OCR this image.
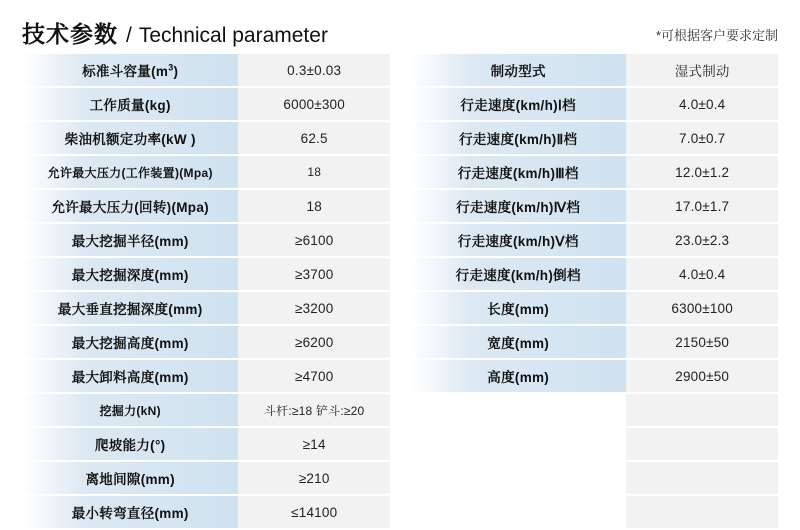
技术参数 / Technical parameter	*可根据客户要求定制
标准斗容量$(m^3)$	0.3±0.03
工作质量(kg)	6000±300
柴油机额定功率(kW )	62.5
允许最大压力(工作装置)(Mpa)	18
允许最大压力(回转)(Mpa)	18
最大挖掘半径(mm)	≥6100
最大挖掘深度(mm)	≥3700
最大垂直挖掘深度(mm)	≥3200
最大挖掘高度(mm)	≥6200
最大卸料高度(mm)	≥4700
挖掘力(kN)	斗杆:≥18 铲斗:≥20
爬坡能力(°)	≥14
离地间隙(mm)	≥210
最小转弯直径(mm)	≤14100
制动型式	湿式制动
行走速度(km/h)Ⅰ档	4.0±0.4
行走速度(km/h)Ⅱ档	7.0±0.7
行走速度(km/h)Ⅲ档	12.0±1.2
行走速度(km/h)Ⅳ档	17.0±1.7
行走速度(km/h)Ⅴ档	23.0±2.3
行走速度(km/h)倒档	4.0±0.4
长度(mm)	6300±100
宽度(mm)	2150±50
高度(mm)	2900±50
